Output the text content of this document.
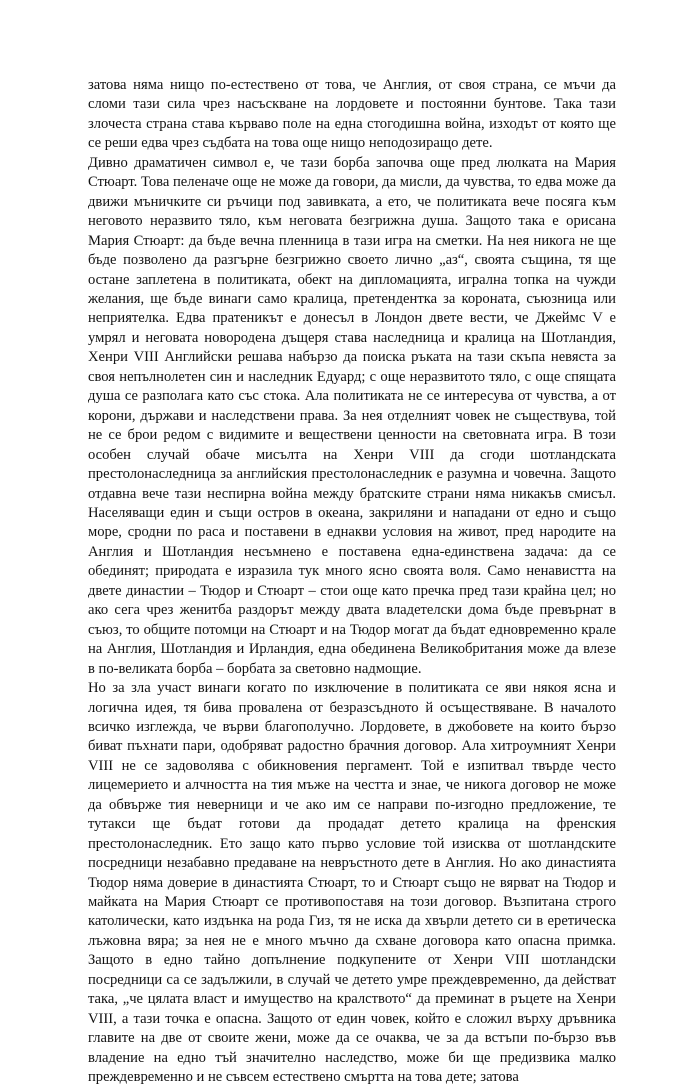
затова няма нищо по-естествено от това, че Англия, от своя страна, се мъчи да сломи тази сила чрез насъскване на лордовете и постоянни бунтове. Така тази злочеста страна става кърваво поле на една стогодишна война, изходът от която ще се реши едва чрез съдбата на това още нищо неподозиращо дете.

Дивно драматичен символ е, че тази борба започва още пред люлката на Мария Стюарт. Това пеленаче още не може да говори, да мисли, да чувства, то едва може да движи мъничките си ръчици под завивката, а ето, че политиката вече посяга към неговото неразвито тяло, към неговата безгрижна душа. Защото така е орисана Мария Стюарт: да бъде вечна пленница в тази игра на сметки. На нея никога не ще бъде позволено да разгърне безгрижно своето лично „аз“, своята същина, тя ще остане заплетена в политиката, обект на дипломацията, игрална топка на чужди желания, ще бъде винаги само кралица, претендентка за короната, съюзница или неприятелка. Едва пратеникът е донесъл в Лондон двете вести, че Джеймс V е умрял и неговата новородена дъщеря става наследница и кралица на Шотландия, Хенри VIII Английски решава набързо да поиска ръката на тази скъпа невяста за своя непълнолетен син и наследник Едуард; с още неразвитото тяло, с още спящата душа се разполага като със стока. Ала политиката не се интересува от чувства, а от корони, държави и наследствени права. За нея отделният човек не съществува, той не се брои редом с видимите и веществени ценности на световната игра. В този особен случай обаче мисълта на Хенри VIII да сгоди шотландската престолонаследница за английския престолонаследник е разумна и човечна. Защото отдавна вече тази неспирна война между братските страни няма никакъв смисъл. Населяващи един и същи остров в океана, закриляни и нападани от едно и също море, сродни по раса и поставени в еднакви условия на живот, пред народите на Англия и Шотландия несъмнено е поставена една-единствена задача: да се обединят; природата е изразила тук много ясно своята воля. Само ненавистта на двете династии – Тюдор и Стюарт – стои още като пречка пред тази крайна цел; но ако сега чрез женитба раздорът между двата владетелски дома бъде превърнат в съюз, то общите потомци на Стюарт и на Тюдор могат да бъдат едновременно крале на Англия, Шотландия и Ирландия, една обединена Великобритания може да влезе в по-великата борба – борбата за световно надмощие.

Но за зла участ винаги когато по изключение в политиката се яви някоя ясна и логична идея, тя бива провалена от безразсъдното й осъществяване. В началото всичко изглежда, че върви благополучно. Лордовете, в джобовете на които бързо биват пъхнати пари, одобряват радостно брачния договор. Ала хитроумният Хенри VIII не се задоволява с обикновения пергамент. Той е изпитвал твърде често лицемерието и алчността на тия мъже на честта и знае, че никога договор не може да обвърже тия неверници и че ако им се направи по-изгодно предложение, те тутакси ще бъдат готови да продадат детето кралица на френския престолонаследник. Ето защо като първо условие той изисква от шотландските посредници незабавно предаване на невръстното дете в Англия. Но ако династията Тюдор няма доверие в династията Стюарт, то и Стюарт също не вярват на Тюдор и майката на Мария Стюарт се противопоставя на този договор. Възпитана строго католически, като издънка на рода Гиз, тя не иска да хвърли детето си в еретическа лъжовна вяра; за нея не е много мъчно да схване договора като опасна примка. Защото в едно тайно допълнение подкупените от Хенри VIII шотландски посредници са се задължили, в случай че детето умре преждевременно, да действат така, „че цялата власт и имущество на кралството“ да преминат в ръцете на Хенри VIII, а тази точка е опасна. Защото от един човек, който е сложил върху дръвника главите на две от своите жени, може да се очаква, че за да встъпи по-бързо във владение на едно тъй значително наследство, може би ще предизвика малко преждевременно и не съвсем естествено смъртта на това дете; затова
